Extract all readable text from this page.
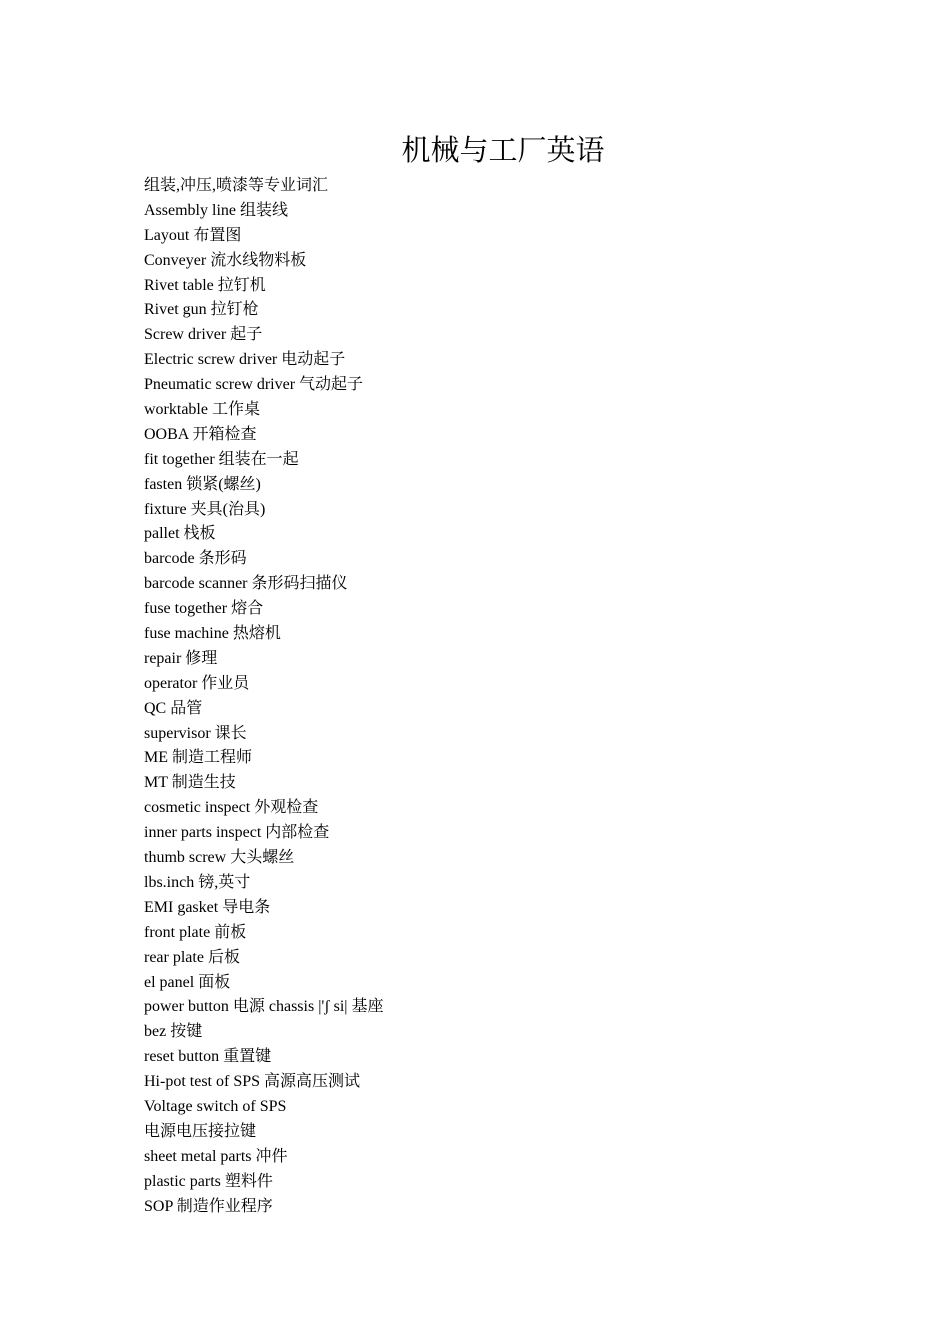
机械与工厂英语
组装,冲压,喷漆等专业词汇
Assembly line 组装线
Layout 布置图
Conveyer 流水线物料板
Rivet table 拉钉机
Rivet gun 拉钉枪
Screw driver 起子
Electric screw driver 电动起子
Pneumatic screw driver 气动起子
worktable 工作桌
OOBA 开箱检查
fit together 组装在一起
fasten 锁紧(螺丝)
fixture 夹具(治具)
pallet 栈板
barcode 条形码
barcode scanner 条形码扫描仪
fuse together 熔合
fuse machine 热熔机
repair 修理
operator 作业员
QC 品管
supervisor 课长
ME 制造工程师
MT 制造生技
cosmetic inspect 外观检查
inner parts inspect 内部检查
thumb screw 大头螺丝
lbs.inch 镑,英寸
EMI gasket 导电条
front plate 前板
rear plate 后板
el panel 面板
power button 电源 chassis |'ʃ si| 基座
bez 按键
reset button 重置键
Hi-pot test of SPS 高源高压测试
Voltage switch of SPS
电源电压接拉键
sheet metal parts 冲件
plastic parts 塑料件
SOP 制造作业程序
